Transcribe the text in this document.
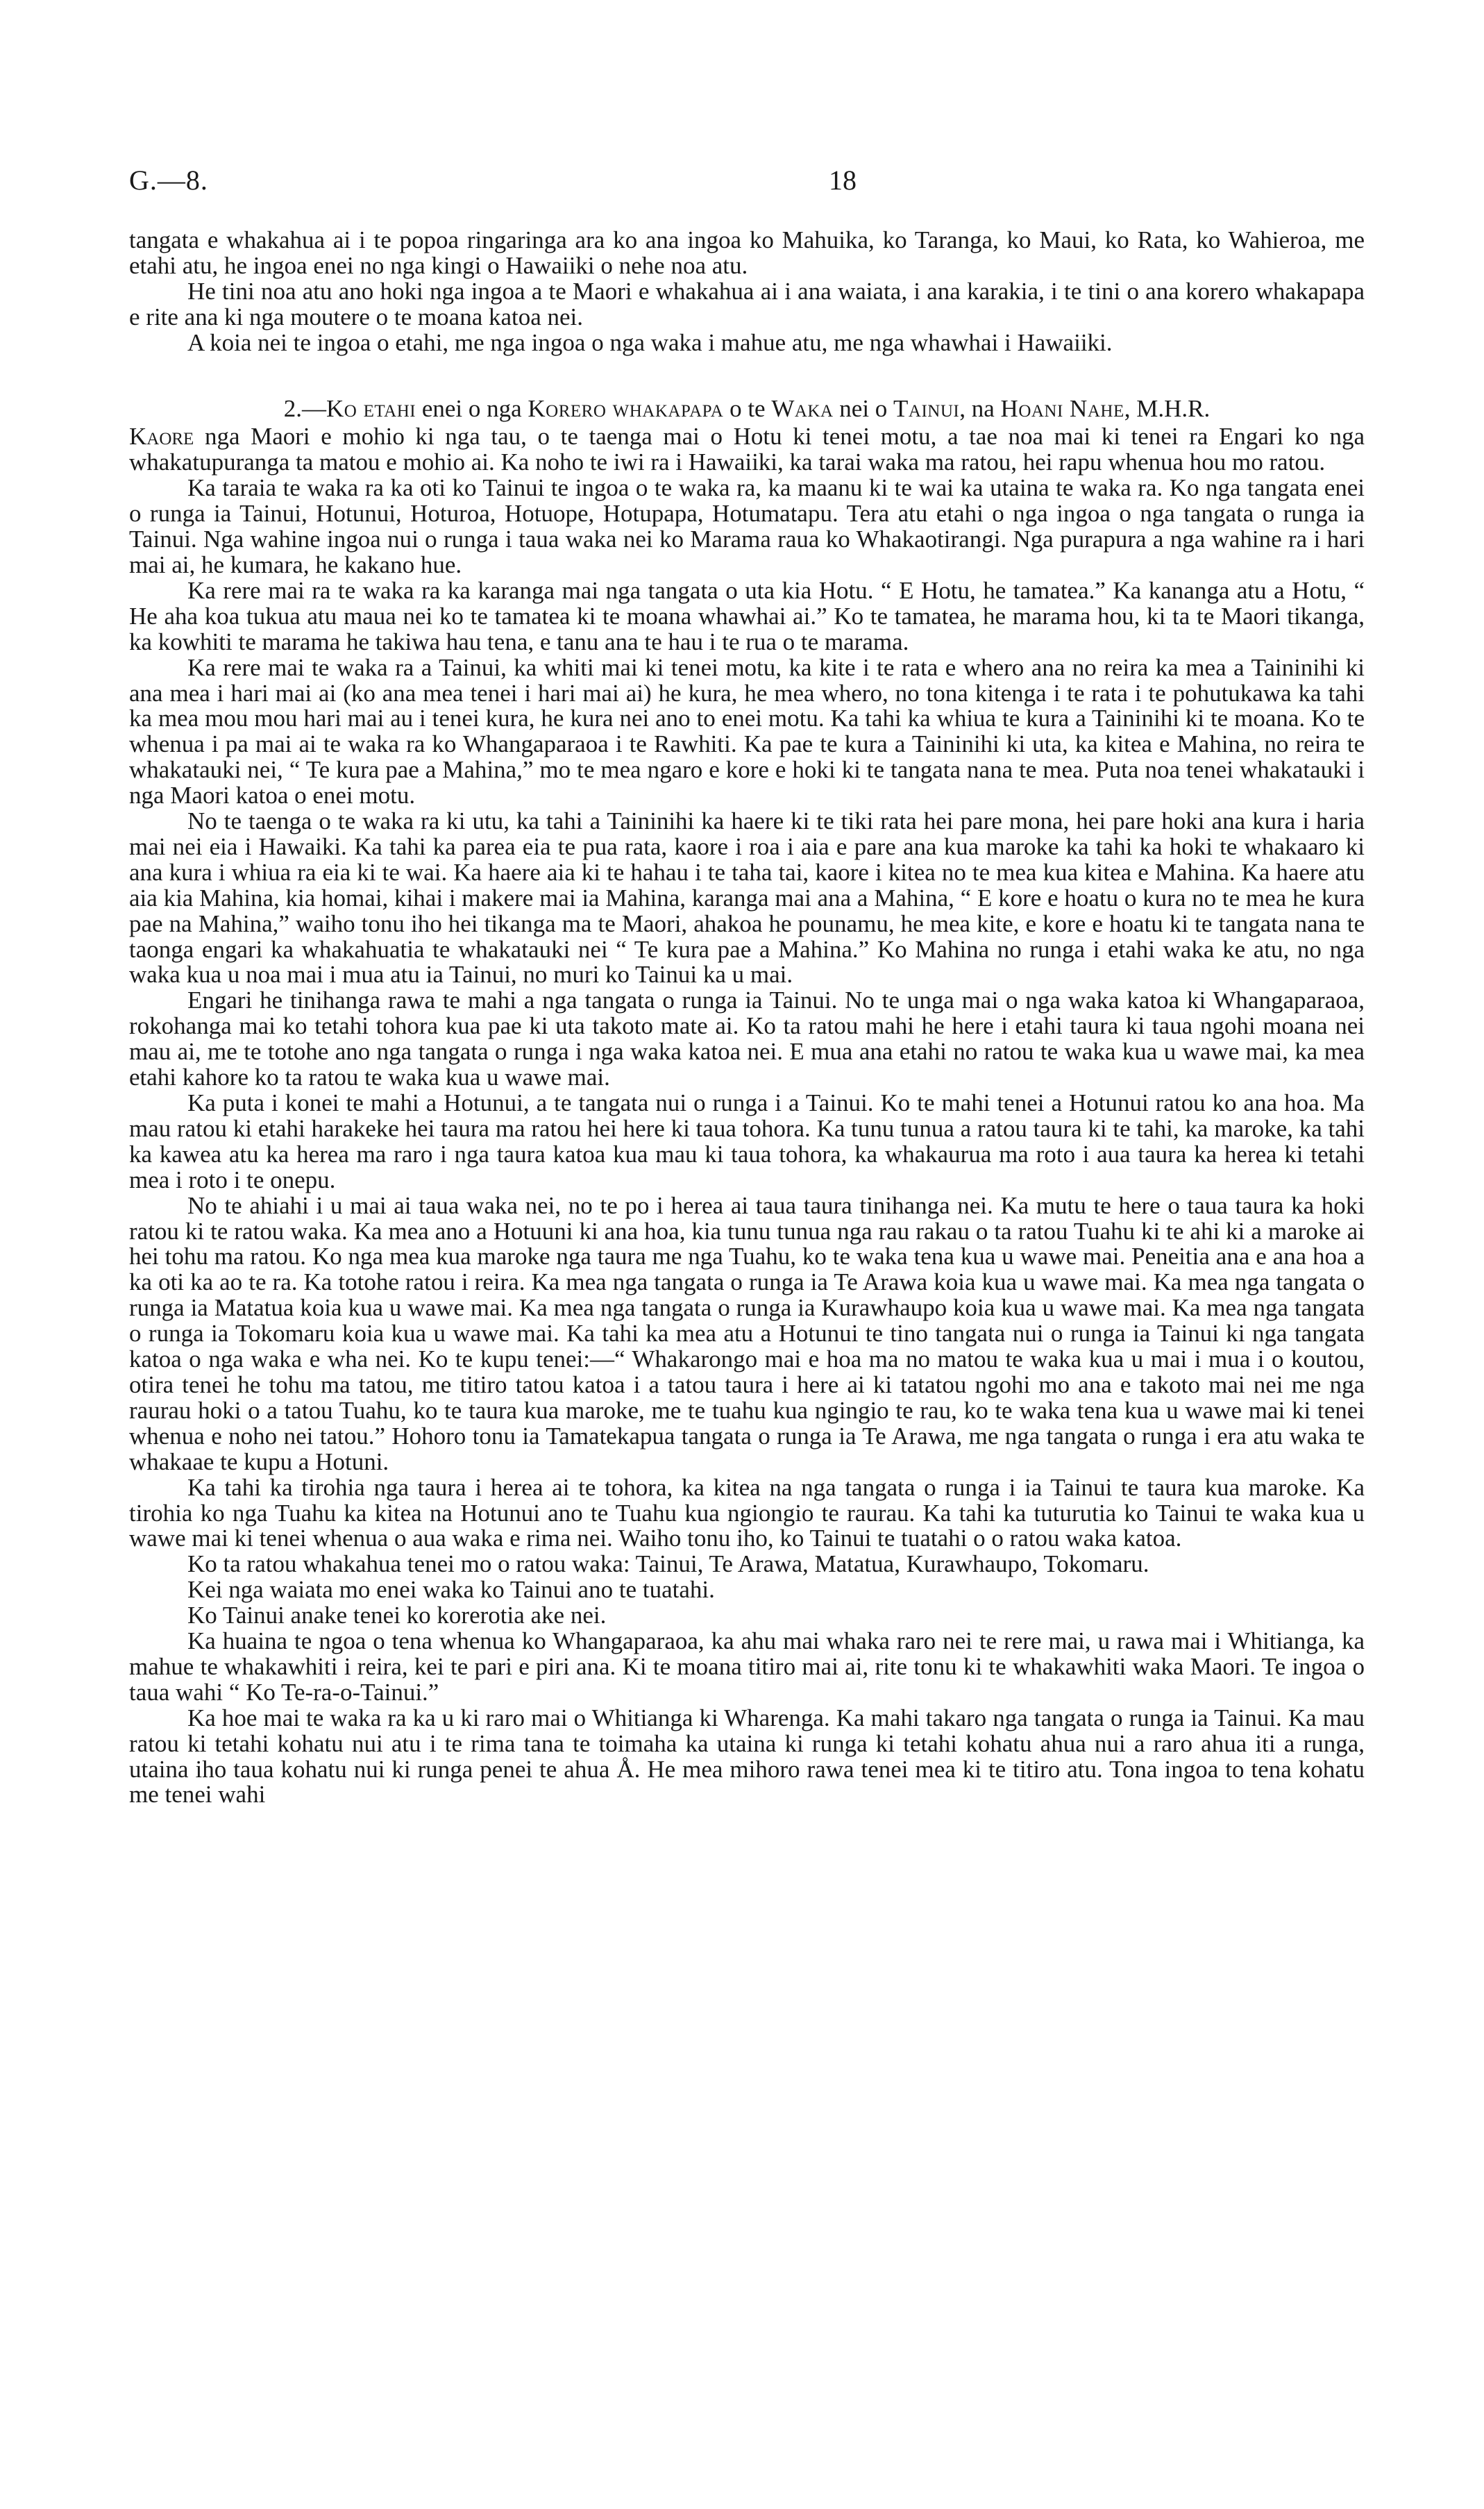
G.—8.	18

tangata e whakahua ai i te popoa ringaringa ara ko ana ingoa ko Mahuika, ko Taranga, ko Maui, ko Rata, ko Wahieroa, me etahi atu, he ingoa enei no nga kingi o Hawaiiki o nehe noa atu.

He tini noa atu ano hoki nga ingoa a te Maori e whakahua ai i ana waiata, i ana karakia, i te tini o ana korero whakapapa e rite ana ki nga moutere o te moana katoa nei.

A koia nei te ingoa o etahi, me nga ingoa o nga waka i mahue atu, me nga whawhai i Hawaiiki.

2.—Ko etahi enei o nga Korero whakapapa o te Waka nei o Tainui, na Hoani Nahe, M.H.R.

Kaore nga Maori e mohio ki nga tau, o te taenga mai o Hotu ki tenei motu, a tae noa mai ki tenei ra Engari ko nga whakatupuranga ta matou e mohio ai. Ka noho te iwi ra i Hawaiiki, ka tarai waka ma ratou, hei rapu whenua hou mo ratou.

Ka taraia te waka ra ka oti ko Tainui te ingoa o te waka ra, ka maanu ki te wai ka utaina te waka ra. Ko nga tangata enei o runga ia Tainui, Hotunui, Hoturoa, Hotuope, Hotupapa, Hotumatapu. Tera atu etahi o nga ingoa o nga tangata o runga ia Tainui. Nga wahine ingoa nui o runga i taua waka nei ko Marama raua ko Whakaotirangi. Nga purapura a nga wahine ra i hari mai ai, he kumara, he kakano hue.

Ka rere mai ra te waka ra ka karanga mai nga tangata o uta kia Hotu. “ E Hotu, he tamatea.” Ka kananga atu a Hotu, “ He aha koa tukua atu maua nei ko te tamatea ki te moana whawhai ai.” Ko te tamatea, he marama hou, ki ta te Maori tikanga, ka kowhiti te marama he takiwa hau tena, e tanu ana te hau i te rua o te marama.

Ka rere mai te waka ra a Tainui, ka whiti mai ki tenei motu, ka kite i te rata e whero ana no reira ka mea a Taininihi ki ana mea i hari mai ai (ko ana mea tenei i hari mai ai) he kura, he mea whero, no tona kitenga i te rata i te pohutukawa ka tahi ka mea mou mou hari mai au i tenei kura, he kura nei ano to enei motu. Ka tahi ka whiua te kura a Taininihi ki te moana. Ko te whenua i pa mai ai te waka ra ko Whangaparaoa i te Rawhiti. Ka pae te kura a Taininihi ki uta, ka kitea e Mahina, no reira te whakatauki nei, “ Te kura pae a Mahina,” mo te mea ngaro e kore e hoki ki te tangata nana te mea. Puta noa tenei whakatauki i nga Maori katoa o enei motu.

No te taenga o te waka ra ki utu, ka tahi a Taininihi ka haere ki te tiki rata hei pare mona, hei pare hoki ana kura i haria mai nei eia i Hawaiki. Ka tahi ka parea eia te pua rata, kaore i roa i aia e pare ana kua maroke ka tahi ka hoki te whakaaro ki ana kura i whiua ra eia ki te wai. Ka haere aia ki te hahau i te taha tai, kaore i kitea no te mea kua kitea e Mahina. Ka haere atu aia kia Mahina, kia homai, kihai i makere mai ia Mahina, karanga mai ana a Mahina, “ E kore e hoatu o kura no te mea he kura pae na Mahina,” waiho tonu iho hei tikanga ma te Maori, ahakoa he pounamu, he mea kite, e kore e hoatu ki te tangata nana te taonga engari ka whakahuatia te whakatauki nei “ Te kura pae a Mahina.” Ko Mahina no runga i etahi waka ke atu, no nga waka kua u noa mai i mua atu ia Tainui, no muri ko Tainui ka u mai.

Engari he tinihanga rawa te mahi a nga tangata o runga ia Tainui. No te unga mai o nga waka katoa ki Whangaparaoa, rokohanga mai ko tetahi tohora kua pae ki uta takoto mate ai. Ko ta ratou mahi he here i etahi taura ki taua ngohi moana nei mau ai, me te totohe ano nga tangata o runga i nga waka katoa nei. E mua ana etahi no ratou te waka kua u wawe mai, ka mea etahi kahore ko ta ratou te waka kua u wawe mai.

Ka puta i konei te mahi a Hotunui, a te tangata nui o runga i a Tainui. Ko te mahi tenei a Hotunui ratou ko ana hoa. Ma mau ratou ki etahi harakeke hei taura ma ratou hei here ki taua tohora. Ka tunu tunua a ratou taura ki te tahi, ka maroke, ka tahi ka kawea atu ka herea ma raro i nga taura katoa kua mau ki taua tohora, ka whakaurua ma roto i aua taura ka herea ki tetahi mea i roto i te onepu.

No te ahiahi i u mai ai taua waka nei, no te po i herea ai taua taura tinihanga nei. Ka mutu te here o taua taura ka hoki ratou ki te ratou waka. Ka mea ano a Hotuuni ki ana hoa, kia tunu tunua nga rau rakau o ta ratou Tuahu ki te ahi ki a maroke ai hei tohu ma ratou. Ko nga mea kua maroke nga taura me nga Tuahu, ko te waka tena kua u wawe mai. Peneitia ana e ana hoa a ka oti ka ao te ra. Ka totohe ratou i reira. Ka mea nga tangata o runga ia Te Arawa koia kua u wawe mai. Ka mea nga tangata o runga ia Matatua koia kua u wawe mai. Ka mea nga tangata o runga ia Kurawhaupo koia kua u wawe mai. Ka mea nga tangata o runga ia Tokomaru koia kua u wawe mai. Ka tahi ka mea atu a Hotunui te tino tangata nui o runga ia Tainui ki nga tangata katoa o nga waka e wha nei. Ko te kupu tenei:—“ Whakarongo mai e hoa ma no matou te waka kua u mai i mua i o koutou, otira tenei he tohu ma tatou, me titiro tatou katoa i a tatou taura i here ai ki tatatou ngohi mo ana e takoto mai nei me nga raurau hoki o a tatou Tuahu, ko te taura kua maroke, me te tuahu kua ngingio te rau, ko te waka tena kua u wawe mai ki tenei whenua e noho nei tatou.” Hohoro tonu ia Tamatekapua tangata o runga ia Te Arawa, me nga tangata o runga i era atu waka te whakaae te kupu a Hotuni.

Ka tahi ka tirohia nga taura i herea ai te tohora, ka kitea na nga tangata o runga i ia Tainui te taura kua maroke. Ka tirohia ko nga Tuahu ka kitea na Hotunui ano te Tuahu kua ngiongio te raurau. Ka tahi ka tuturutia ko Tainui te waka kua u wawe mai ki tenei whenua o aua waka e rima nei. Waiho tonu iho, ko Tainui te tuatahi o o ratou waka katoa.

Ko ta ratou whakahua tenei mo o ratou waka: Tainui, Te Arawa, Matatua, Kurawhaupo, Tokomaru.

Kei nga waiata mo enei waka ko Tainui ano te tuatahi.

Ko Tainui anake tenei ko korerotia ake nei.

Ka huaina te ngoa o tena whenua ko Whangaparaoa, ka ahu mai whaka raro nei te rere mai, u rawa mai i Whitianga, ka mahue te whakawhiti i reira, kei te pari e piri ana. Ki te moana titiro mai ai, rite tonu ki te whakawhiti waka Maori. Te ingoa o taua wahi “ Ko Te-ra-o-Tainui.”

Ka hoe mai te waka ra ka u ki raro mai o Whitianga ki Wharenga. Ka mahi takaro nga tangata o runga ia Tainui. Ka mau ratou ki tetahi kohatu nui atu i te rima tana te toimaha ka utaina ki runga ki tetahi kohatu ahua nui a raro ahua iti a runga, utaina iho taua kohatu nui ki runga penei te ahua Å. He mea mihoro rawa tenei mea ki te titiro atu. Tona ingoa to tena kohatu me tenei wahi
